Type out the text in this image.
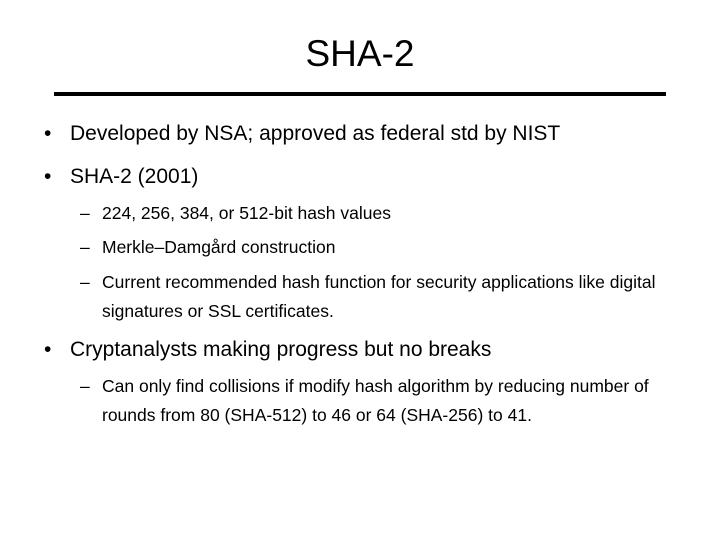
SHA-2
• Developed by NSA; approved as federal std by NIST
• SHA-2 (2001)
– 224, 256, 384, or 512-bit hash values
– Merkle–Damgård construction
– Current recommended hash function for security applications like digital signatures or SSL certificates.
• Cryptanalysts making progress but no breaks
– Can only find collisions if modify hash algorithm by reducing number of rounds from 80 (SHA-512) to 46 or 64 (SHA-256) to 41.
